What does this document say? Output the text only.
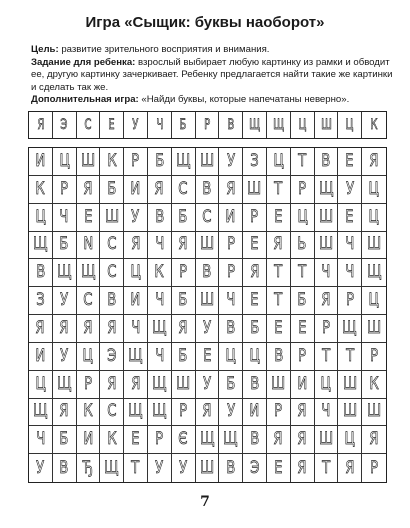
Игра «Сыщик: буквы наоборот»

Цель: развитие зрительного восприятия и внимания.

Задание для ребенка: взрослый выбирает любую картинку из рамки и обводит ее, другую картинку зачеркивает. Ребенку предлагается найти такие же картинки и сделать так же.

Дополнительная игра: «Найди буквы, которые напечатаны неверно».

Я Э С Е У Ч Б Р В Щ Щ Ц Ш Ц К
И Ц Ш К Р Б Щ Ш У З Ц Т В Е Я
К Р Я Б И Я С В Я Ш Т Р Щ У Ц
Ц Ч Е Ш У В Б С И Р Е Ц Ш Е Ц
Щ Б N С Я Ч Я Ш Р Е Я Ь Ш Ч Ш
В Щ Щ С Ц К Р В Р Я Т Т Ч Ч Щ
З У С В И Ч Б Ш Ч Е Т Б Я Р Ц
Я Я Я Я Ч Щ Я У В Б Е Е Р Щ Ш
И У Ц Э Щ Ч Б Е Ц Ц В Р Т Т Р
Ц Щ Р Я Я Щ Ш У Б В Ш И Ц Ш К
Щ Я К С Щ Щ Р Я У И Р Я Ч Ш Ш
Ч Б И К Е Р Є Щ Щ В Я Я Ш Ц Я
У В Ђ Щ Т У У Ш В Э Е Я Т Я Р
7
